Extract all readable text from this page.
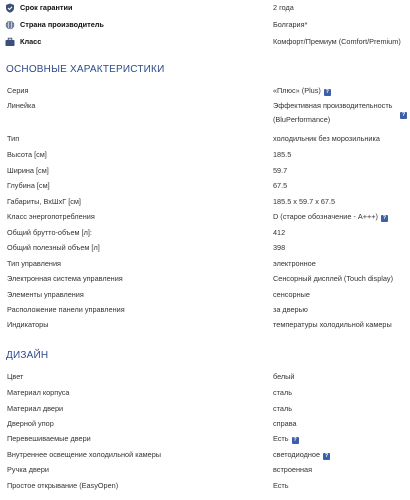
Срок гарантии	2 года
Страна производитель	Болгария*
Класс	Комфорт/Премиум (Comfort/Premium)
ОСНОВНЫЕ ХАРАКТЕРИСТИКИ
Серия	«Плюс» (Plus) ?
Линейка	Эффективная производительность (BluPerformance)	?
Тип	холодильник без морозильника
Высота [см]	185.5
Ширина [см]	59.7
Глубина [см]	67.5
Габариты, ВхШхГ [см]	185.5 x 59.7 x 67.5
Класс энергопотребления	D (старое обозначение - A+++) ?
Общий брутто-объем [л]:	412
Общий полезный объем [л]	398
Тип управления	электронное
Электронная система управления	Сенсорный дисплей (Touch display)
Элементы управления	сенсорные
Расположение панели управления	за дверью
Индикаторы	температуры холодильной камеры
ДИЗАЙН
Цвет	белый
Материал корпуса	сталь
Материал двери	сталь
Дверной упор	справа
Перевешиваемые двери	Есть ?
Внутреннее освещение холодильной камеры	светодиодное ?
Ручка двери	встроенная
Простое открывание (EasyOpen)	Есть
